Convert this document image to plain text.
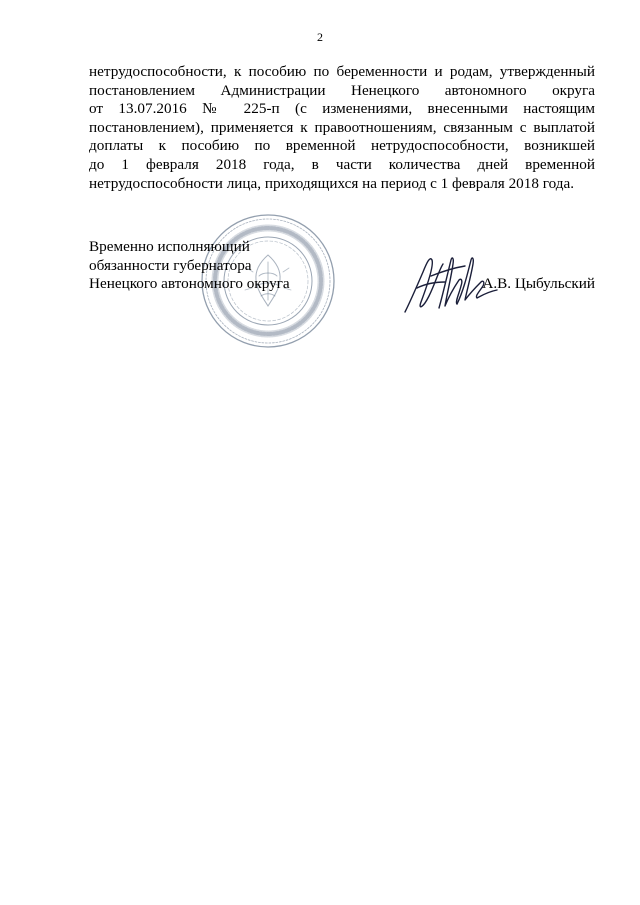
2
нетрудоспособности, к пособию по беременности и родам, утвержденный
постановлением Администрации Ненецкого автономного округа
от 13.07.2016 № 225-п (с изменениями, внесенными настоящим
постановлением), применяется к правоотношениям, связанным с выплатой
доплаты к пособию по временной нетрудоспособности, возникшей
до 1 февраля 2018 года, в части количества дней временной
нетрудоспособности лица, приходящихся на период с 1 февраля 2018 года.
Временно исполняющий
обязанности губернатора
Ненецкого автономного округа	А.В. Цыбульский
